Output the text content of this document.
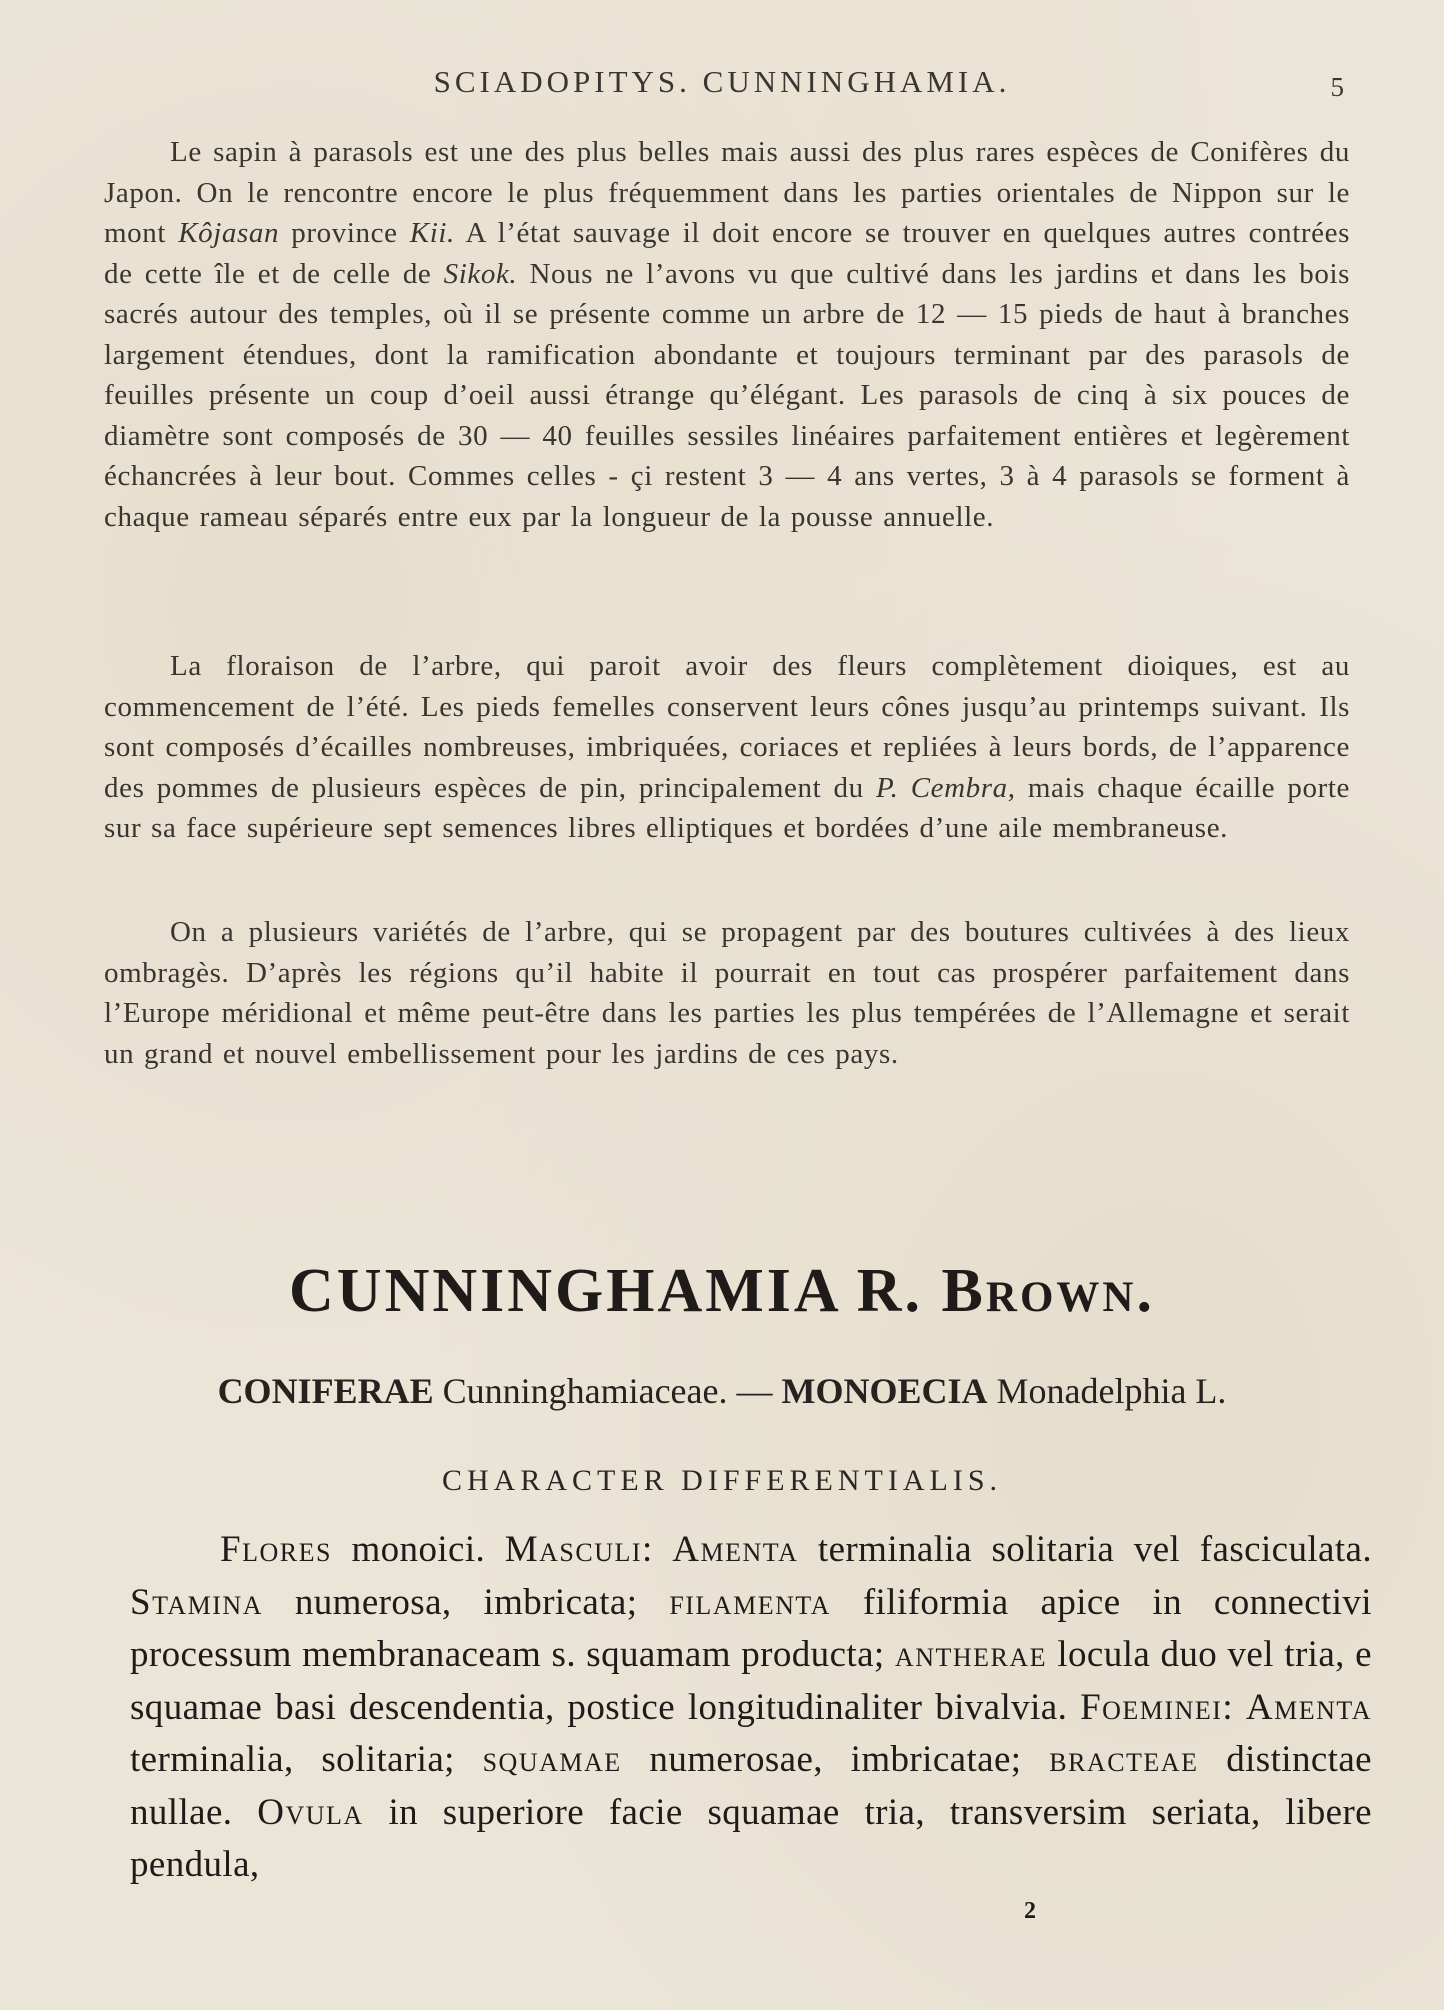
SCIADOPITYS. CUNNINGHAMIA.	5

Le sapin à parasols est une des plus belles mais aussi des plus rares espèces de Conifères du Japon. On le rencontre encore le plus fréquemment dans les parties orientales de Nippon sur le mont Kôjasan province Kii. A l’état sauvage il doit encore se trouver en quelques autres contrées de cette île et de celle de Sikok. Nous ne l’avons vu que cultivé dans les jardins et dans les bois sacrés autour des temples, où il se présente comme un arbre de 12 — 15 pieds de haut à branches largement étendues, dont la ramification abondante et toujours terminant par des parasols de feuilles présente un coup d’oeil aussi étrange qu’élégant. Les parasols de cinq à six pouces de diamètre sont composés de 30 — 40 feuilles sessiles linéaires parfaitement entières et legèrement échancrées à leur bout. Commes celles - çi restent 3 — 4 ans vertes, 3 à 4 parasols se forment à chaque rameau séparés entre eux par la longueur de la pousse annuelle.

La floraison de l’arbre, qui paroit avoir des fleurs complètement dioiques, est au commencement de l’été. Les pieds femelles conservent leurs cônes jusqu’au printemps suivant. Ils sont composés d’écailles nombreuses, imbriquées, coriaces et repliées à leurs bords, de l’apparence des pommes de plusieurs espèces de pin, principalement du P. Cembra, mais chaque écaille porte sur sa face supérieure sept semences libres elliptiques et bordées d’une aile membraneuse.

On a plusieurs variétés de l’arbre, qui se propagent par des boutures cultivées à des lieux ombragès. D’après les régions qu’il habite il pourrait en tout cas prospérer parfaitement dans l’Europe méridional et même peut-être dans les parties les plus tempérées de l’Allemagne et serait un grand et nouvel embellissement pour les jardins de ces pays.

CUNNINGHAMIA R. Brown.
CONIFERAE Cunninghamiaceae. — MONOECIA Monadelphia L.
CHARACTER DIFFERENTIALIS.

Flores monoici. Masculi: Amenta terminalia solitaria vel fasciculata. Stamina numerosa, imbricata; filamenta filiformia apice in connectivi processum membranaceam s. squamam producta; antherae locula duo vel tria, e squamae basi descendentia, postice longitudinaliter bivalvia. Foeminei: Amenta terminalia, solitaria; squamae numerosae, imbricatae; bracteae distinctae nullae. Ovula in superiore facie squamae tria, transversim seriata, libere pendula,

2
